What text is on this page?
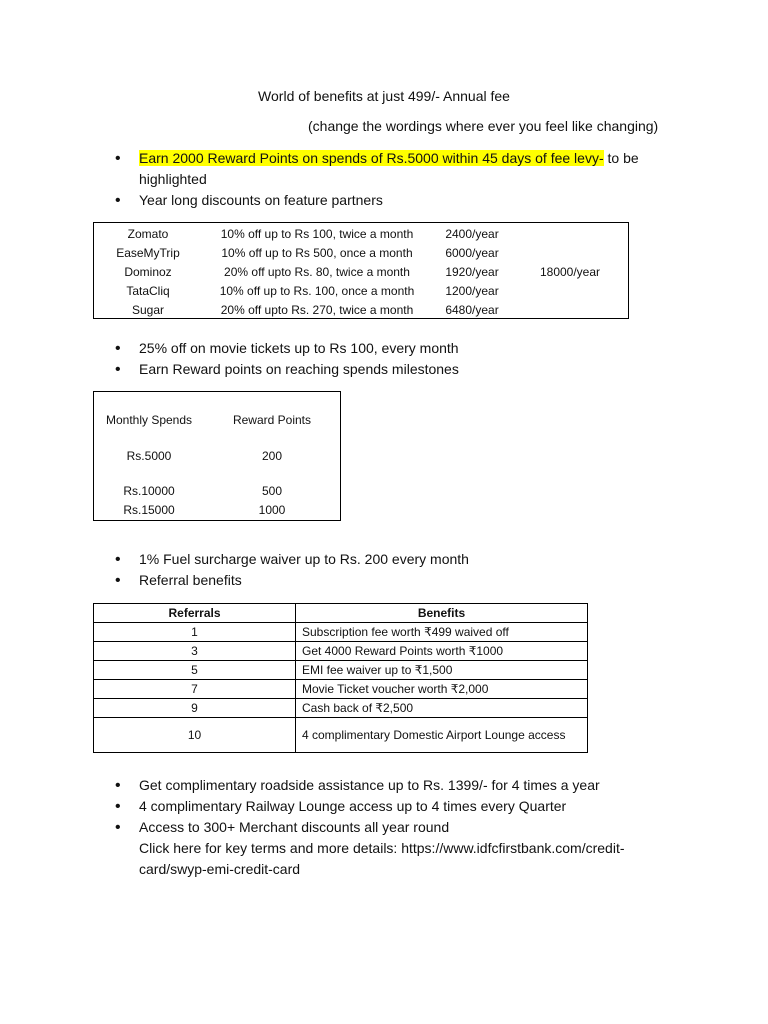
World of benefits at just 499/- Annual fee
(change the wordings where ever you feel like changing)
• Earn 2000 Reward Points on spends of Rs.5000 within 45 days of fee levy- to be highlighted
• Year long discounts on feature partners
Zomato	10% off up to Rs 100, twice a month	2400/year	
EaseMyTrip	10% off up to Rs 500, once a month	6000/year	
Dominoz	20% off upto Rs. 80, twice a month	1920/year	18000/year
TataCliq	10% off up to Rs. 100, once a month	1200/year	
Sugar	20% off upto Rs. 270, twice a month	6480/year	
• 25% off on movie tickets up to Rs 100, every month
• Earn Reward points on reaching spends milestones
Monthly Spends	Reward Points
Rs.5000	200
Rs.10000	500
Rs.15000	1000
• 1% Fuel surcharge waiver up to Rs. 200 every month
• Referral benefits
Referrals	Benefits
1	Subscription fee worth ₹499 waived off
3	Get 4000 Reward Points worth ₹1000
5	EMI fee waiver up to ₹1,500
7	Movie Ticket voucher worth ₹2,000
9	Cash back of ₹2,500
10	4 complimentary Domestic Airport Lounge access
• Get complimentary roadside assistance up to Rs. 1399/- for 4 times a year
• 4 complimentary Railway Lounge access up to 4 times every Quarter
• Access to 300+ Merchant discounts all year round
Click here for key terms and more details: https://www.idfcfirstbank.com/credit-card/swyp-emi-credit-card
